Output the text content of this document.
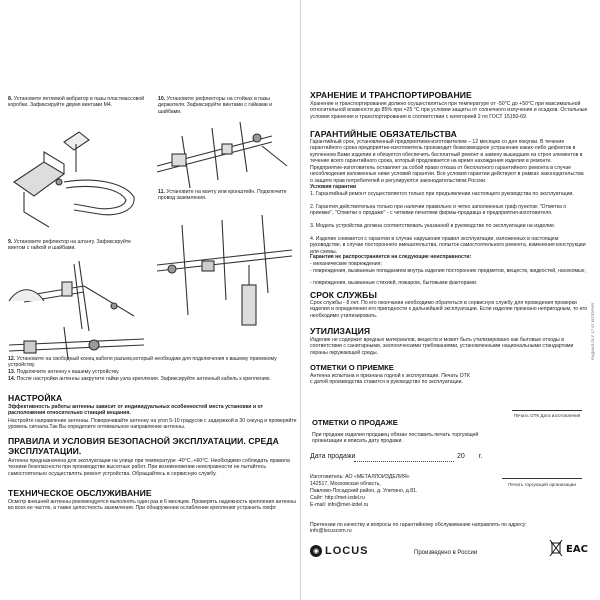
8. Установите петлевой вибратор в пазы пластмассовой коробки. Зафиксируйте двумя винтами М4.
10. Установите рефлекторы на стойках в пазы держателя. Зафиксируйте винтами с гайками и шайбами.
9. Установите рефлектор на штангу. Зафиксируйте винтом с гайкой и шайбами.
11. Установите на мачту или кронштейн. Подключите провод заземления.
12. Установите на свободный конец кабеля разъем,который необходим для подключения к вашему приемному устройству.
13. Подключите антенну к вашему устройству.
14. После настройки антенны закрутите гайки узла крепления. Зафиксируйте антенный кабель к креплению.
НАСТРОЙКА
Эффективность работы антенны зависит от индивидуальных особенностей места установки и от расположения относительно станций вещания.
Настройте направление антенны. Поворачивайте антенну на угол 5-10 градусов с задержкой в 30 секунд и проверяйте уровень сигнала.Так Вы определите оптимальное направление антенны.
ПРАВИЛА И УСЛОВИЯ БЕЗОПАСНОЙ ЭКСПЛУАТАЦИИ. СРЕДА ЭКСПЛУАТАЦИИ.
Антенна предназначена для эксплуатации на улице при температуре -40°С..+60°С. Необходимо соблюдать правила техники безопасности при производстве высотных работ. При возникновении неисправности не пытайтесь самостоятельно осуществлять ремонт устройства. Обращайтесь в сервисную службу.
ТЕХНИЧЕСКОЕ ОБСЛУЖИВАНИЕ
Осмотр внешней антенны рекомендуется выполнять один раз в 6 месяцев. Проверять надежность крепления антенны во всех ее частях, а также целостность заземления. При обнаружении ослабление крепления устранить люфт.
ХРАНЕНИЕ И ТРАНСПОРТИРОВАНИЕ
Хранение и транспортирование должно осуществляться при температуре от -50°С до +50°С при максимальной относительной влажности до 85% при +25 °С при условии защиты от солнечного излучения и осадков. Остальные условия хранения и транспортирования в соответствии с категорией 2 по ГОСТ 15150-69.
ГАРАНТИЙНЫЕ ОБЯЗАТЕЛЬСТВА
Гарантийный срок, установленный предприятием-изготовителем – 12 месяцев со дня покупки. В течение гарантийного срока предприятие-изготовитель производит безвозмездное устранение каких-либо дефектов в купленном Вами изделии и обязуется обеспечить бесплатный ремонт и замену вышедших из строя элементов в течение всего гарантийного срока, который продлевается на время нахождения изделия в ремонте.
Предприятие-изготовитель оставляет за собой право отказа от бесплатного гарантийного ремонта в случае несоблюдения изложенных ниже условий гарантии. Все условия гарантии действуют в рамках законодательства о защите прав потребителей и регулируются законодательством России.
Условия гарантии
1. Гарантийный ремонт осуществляется только при предъявлении настоящего руководства по эксплуатации.
2. Гарантия действительна только при наличии правильно и четко заполненных граф пунктов: "Отметка о приемке", "Отметки о продаже" - с четкими печатями фирмы-продавца и предприятия-изготовителя.
3. Модель устройства должна соответствовать указанной в руководстве по эксплуатации на изделие.
4. Изделие снимается с гарантии в случае нарушения правил эксплуатации, изложенных в настоящем руководстве, в случае постороннего вмешательства, попыток самостоятельного ремонта, изменения конструкции или схемы.
Гарантия не распространяется на следующие неисправности:
- механические повреждения;
- повреждения, вызванные попаданием внутрь изделия посторонних предметов, веществ, жидкостей, насекомых;
- повреждения, вызванные стихией, пожаром, бытовыми факторами.
СРОК СЛУЖБЫ
Срок службы - 8 лет. По его окончании необходимо обратиться в сервисную службу для проведения проверки изделия и определения его пригодности к дальнейшей эксплуатации. Если изделие признано непригодным, то его необходимо утилизировать.
УТИЛИЗАЦИЯ
Изделие не содержит вредных материалов, веществ и может быть утилизировано как бытовые отходы в соответствии с санитарными, экологическими требованиями, установленными национальными стандартами охраны окружающей среды.
ОТМЕТКИ О ПРИЕМКЕ
Антенна испытана и признана годной к эксплуатации. Печать ОТК с датой производства ставится в руководство по эксплуатации.
Печать ОТК Дата изготовления
ОТМЕТКИ О ПРОДАЖЕ
При продаже изделия продавец обязан поставить печать торгующей организации и вписать дату продажи.
Дата продажи	20 г.
Изготовитель: АО «МЕТАЛЛОИЗДЕЛИЯ»
142517, Московская область,
Павлово-Посадский район, д. Улитино, д.81.
Сайт: http://met-izdel.ru
E-mail: info@met-izdel.ru
Печать торгующей организации
Претензии по качеству и вопросы по гарантийному обслуживанию направлять по адресу: info@locuscom.ru
◉ LOCUS	Произведено в России	EAC
РАДИАЛ-01 F 17 07 КОТОРИЯ
